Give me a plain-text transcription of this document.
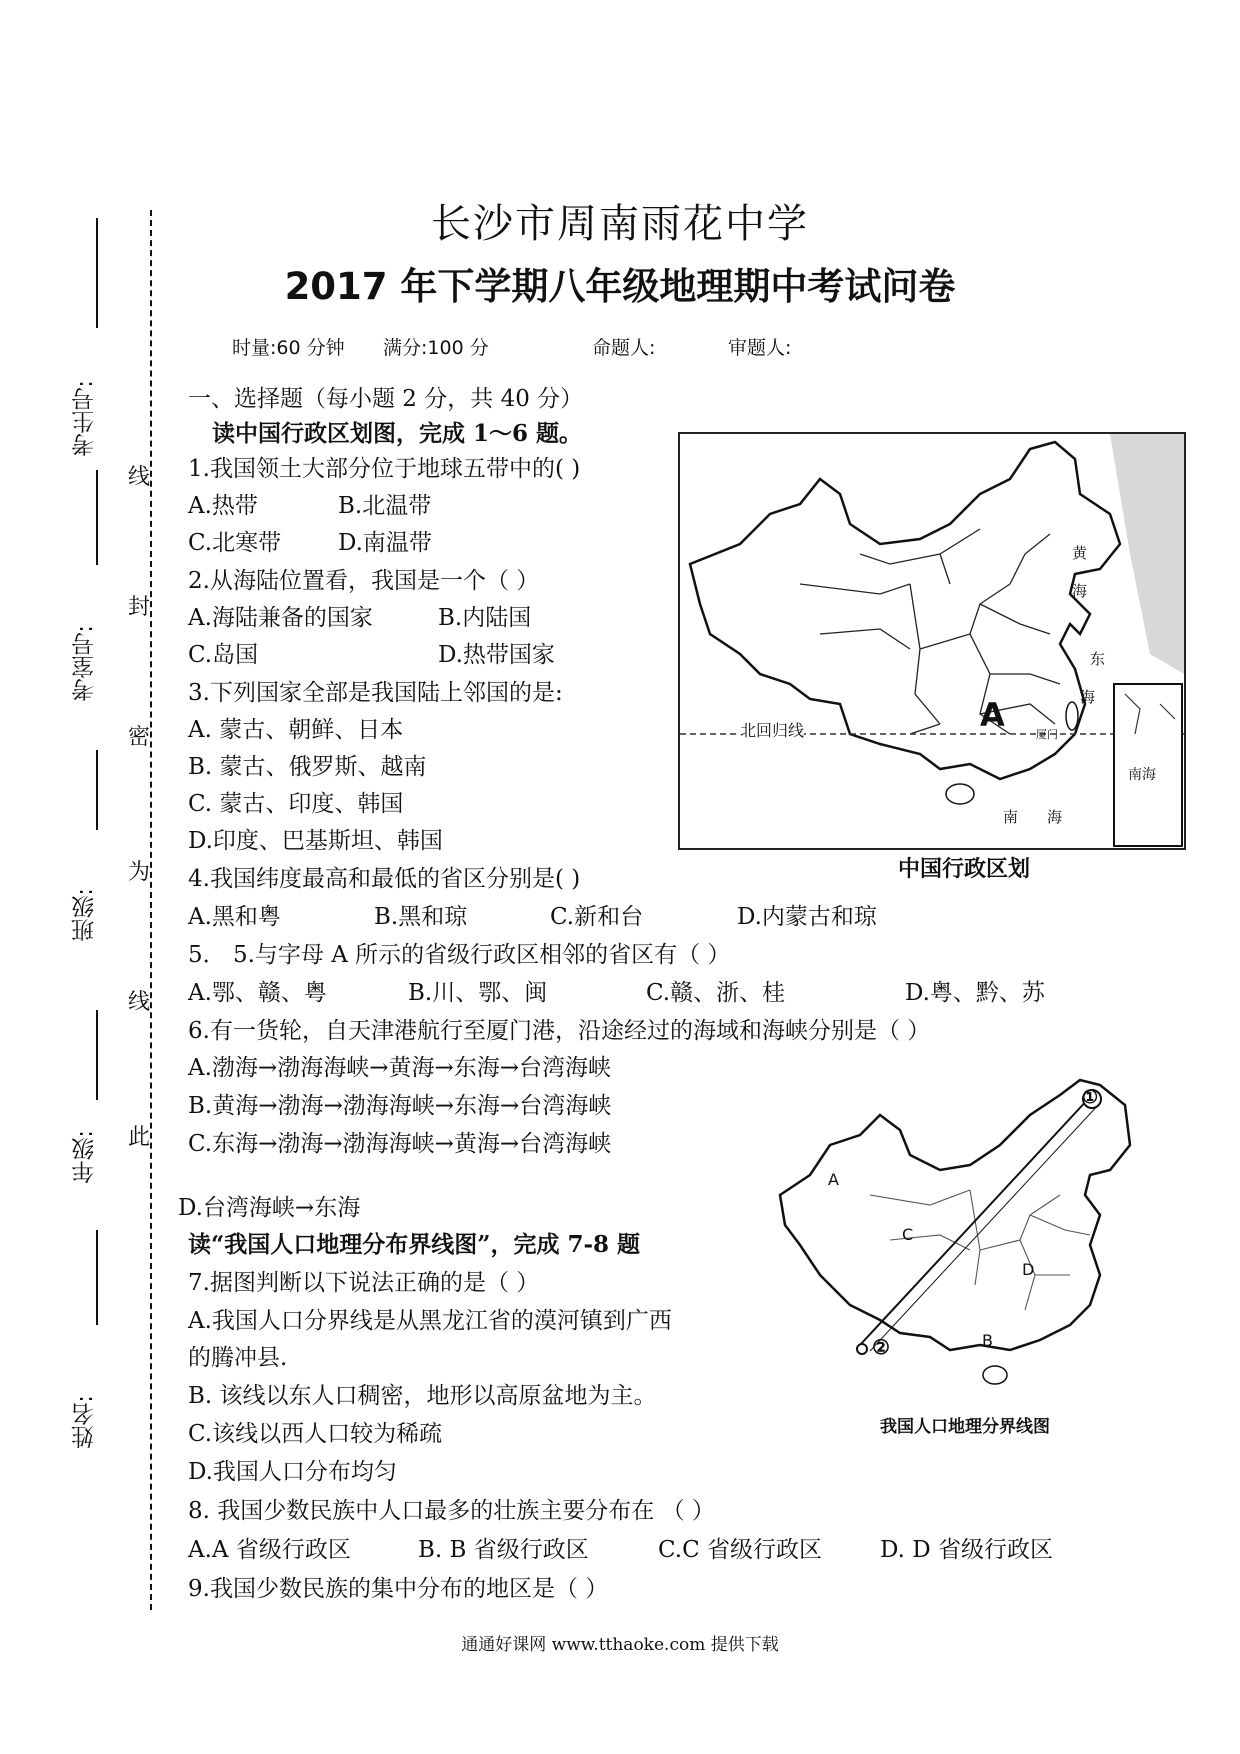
考生号:
考室号:
班级:
年级:
姓名:
线
封
密
为
线
此
长沙市周南雨花中学
2017 年下学期八年级地理期中考试问卷
时量:60 分钟 满分:100 分	命题人:	审题人:
一、选择题（每小题 2 分，共 40 分）
读中国行政区划图，完成 1～6 题。
1.我国领土大部分位于地球五带中的( )
A.热带	B.北温带
C.北寒带 D.南温带
2.从海陆位置看，我国是一个（ ）
A.海陆兼备的国家	B.内陆国
C.岛国	D.热带国家
3.下列国家全部是我国陆上邻国的是:
A. 蒙古、朝鲜、日本
B. 蒙古、俄罗斯、越南
C. 蒙古、印度、韩国
D.印度、巴基斯坦、韩国
4.我国纬度最高和最低的省区分别是( )
A.黑和粤	B.黑和琼	C.新和台	D.内蒙古和琼
5． 5.与字母 A 所示的省级行政区相邻的省区有（ ）
A.鄂、赣、粤	B.川、鄂、闽	C.赣、浙、桂	D.粤、黔、苏
6.有一货轮，自天津港航行至厦门港，沿途经过的海域和海峡分别是（ ）
A.渤海→渤海海峡→黄海→东海→台湾海峡
B.黄海→渤海→渤海海峡→东海→台湾海峡
C.东海→渤海→渤海海峡→黄海→台湾海峡
D.台湾海峡→东海
读“我国人口地理分布界线图”，完成 7-8 题
7.据图判断以下说法正确的是（ ）
A.我国人口分界线是从黑龙江省的漠河镇到广西
的腾冲县.
B. 该线以东人口稠密，地形以高原盆地为主。
C.该线以西人口较为稀疏
D.我国人口分布均匀
8. 我国少数民族中人口最多的壮族主要分布在 （ ）
A.A 省级行政区	B. B 省级行政区	C.C 省级行政区	D. D 省级行政区
9.我国少数民族的集中分布的地区是（ ）
A
北回归线
黄
海
东
海
南 海
南海
厦门
中国行政区划
A
C
D
B
①
②
我国人口地理分界线图
通通好课网 www.tthaoke.com 提供下载
